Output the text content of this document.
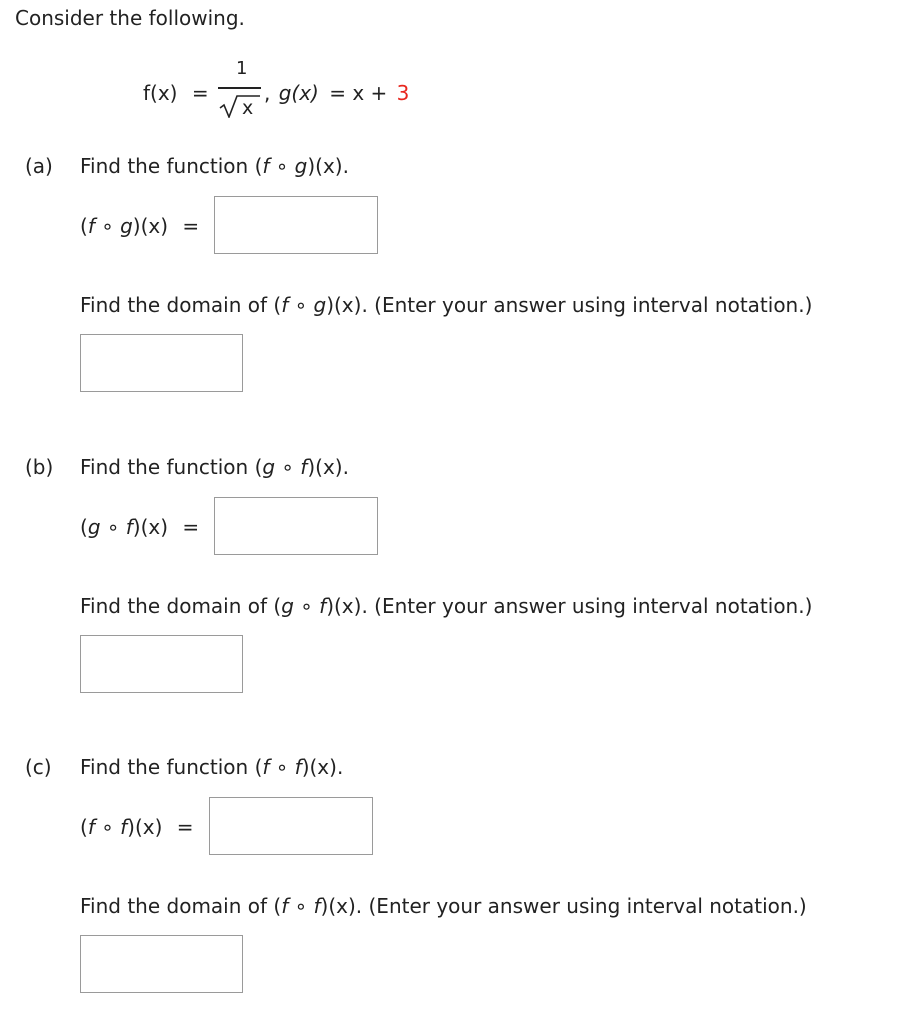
Consider the following.
f(x) =
1
x
, g(x) = x + 3
(a) Find the function (f ∘ g)(x).
(f ∘ g)(x) =
Find the domain of (f ∘ g)(x). (Enter your answer using interval notation.)
(b) Find the function (g ∘ f)(x).
(g ∘ f)(x) =
Find the domain of (g ∘ f)(x). (Enter your answer using interval notation.)
(c) Find the function (f ∘ f)(x).
(f ∘ f)(x) =
Find the domain of (f ∘ f)(x). (Enter your answer using interval notation.)
